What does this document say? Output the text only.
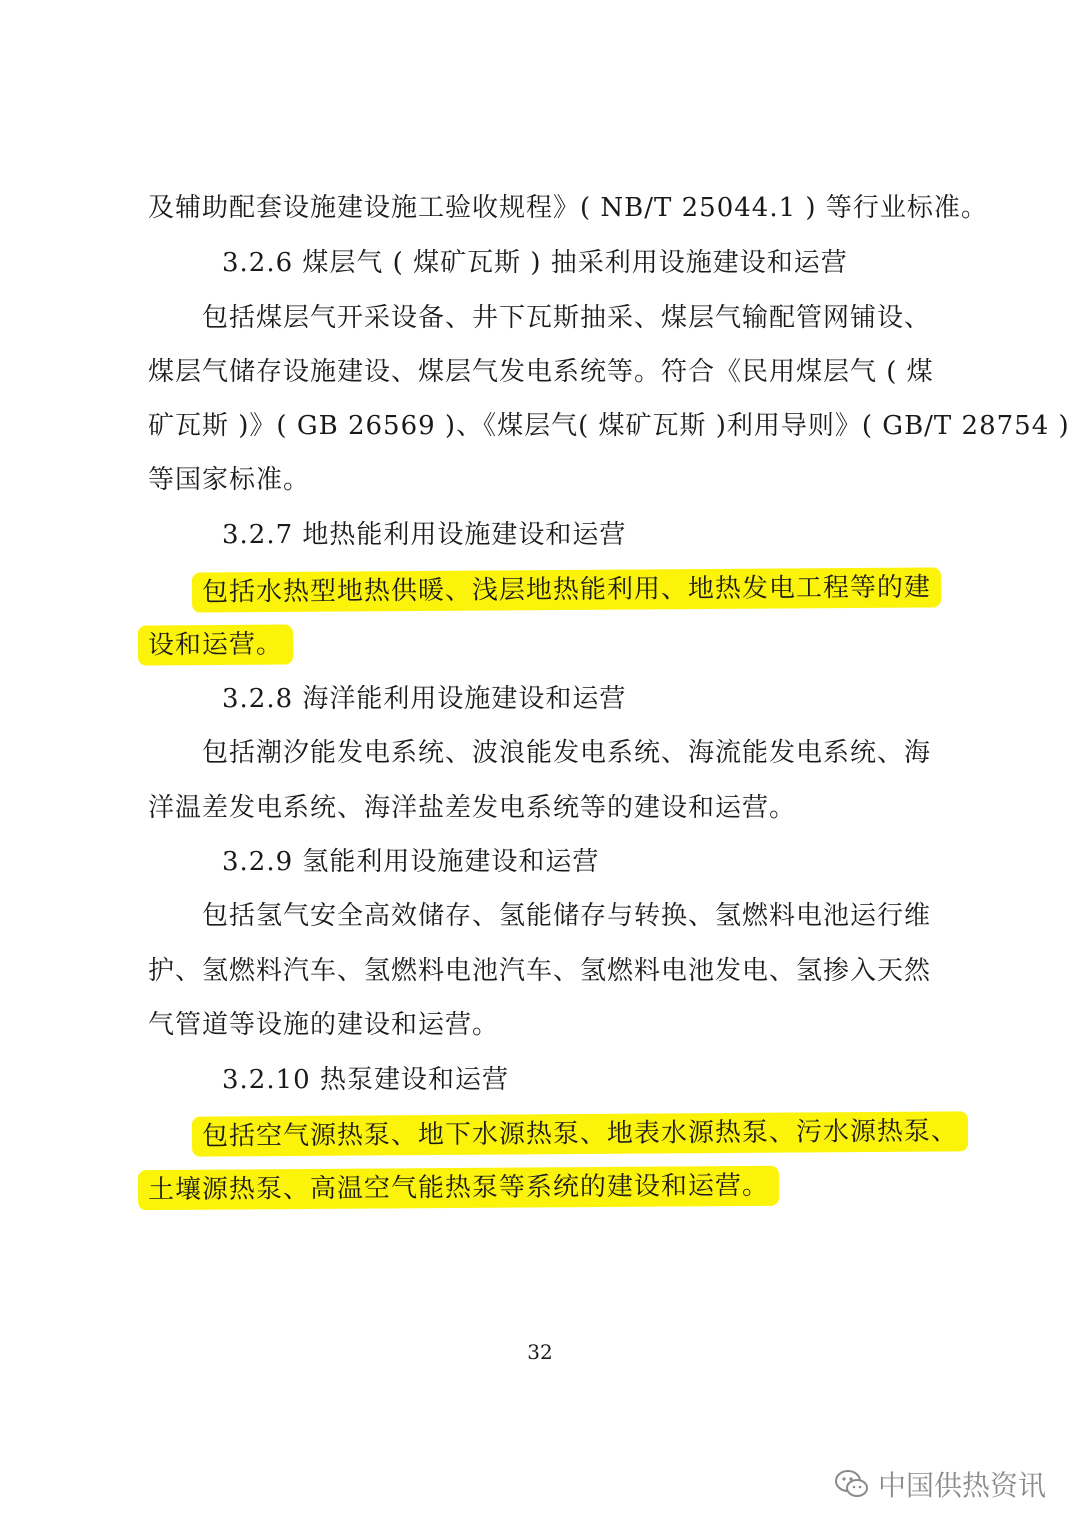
及辅助配套设施建设施工验收规程》( NB/T 25044.1 ) 等行业标准。
3.2.6 煤层气 ( 煤矿瓦斯 ) 抽采利用设施建设和运营
包括煤层气开采设备、井下瓦斯抽采、煤层气输配管网铺设、
煤层气储存设施建设、煤层气发电系统等。符合《民用煤层气 ( 煤
矿瓦斯 )》( GB 26569 )、《煤层气( 煤矿瓦斯 )利用导则》( GB/T 28754 )
等国家标准。
3.2.7 地热能利用设施建设和运营
包括水热型地热供暖、浅层地热能利用、地热发电工程等的建
设和运营。
3.2.8 海洋能利用设施建设和运营
包括潮汐能发电系统、波浪能发电系统、海流能发电系统、海
洋温差发电系统、海洋盐差发电系统等的建设和运营。
3.2.9 氢能利用设施建设和运营
包括氢气安全高效储存、氢能储存与转换、氢燃料电池运行维
护、氢燃料汽车、氢燃料电池汽车、氢燃料电池发电、氢掺入天然
气管道等设施的建设和运营。
3.2.10 热泵建设和运营
包括空气源热泵、地下水源热泵、地表水源热泵、污水源热泵、
土壤源热泵、高温空气能热泵等系统的建设和运营。
32
中国供热资讯
